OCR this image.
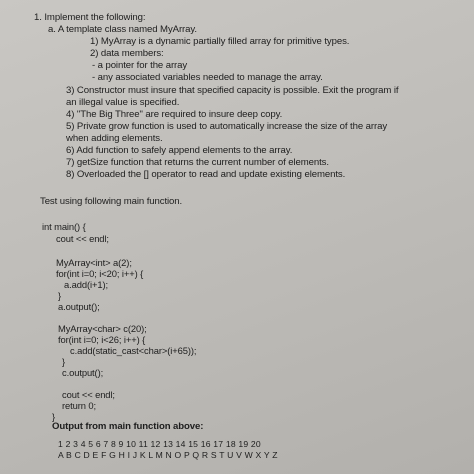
1. Implement the following:
a. A template class named MyArray.
1) MyArray is a dynamic partially filled array for primitive types.
2) data members:
- a pointer for the array
- any associated variables needed to manage the array.
3) Constructor must insure that specified capacity is possible. Exit the program if
an illegal value is specified.
4) "The Big Three" are required to insure deep copy.
5) Private grow function is used to automatically increase the size of the array
when adding elements.
6) Add function to safely append elements to the array.
7) getSize function that returns the current number of elements.
8) Overloaded the [] operator to read and update existing elements.
Test using following main function.
int main() {
cout << endl;
MyArray<int> a(2);
for(int i=0; i<20; i++) {
a.add(i+1);
}
a.output();
MyArray<char> c(20);
for(int i=0; i<26; i++) {
c.add(static_cast<char>(i+65));
}
c.output();
cout << endl;
return 0;
}
Output from main function above:
1 2 3 4 5 6 7 8 9 10 11 12 13 14 15 16 17 18 19 20
A B C D E F G H I J K L M N O P Q R S T U V W X Y Z
